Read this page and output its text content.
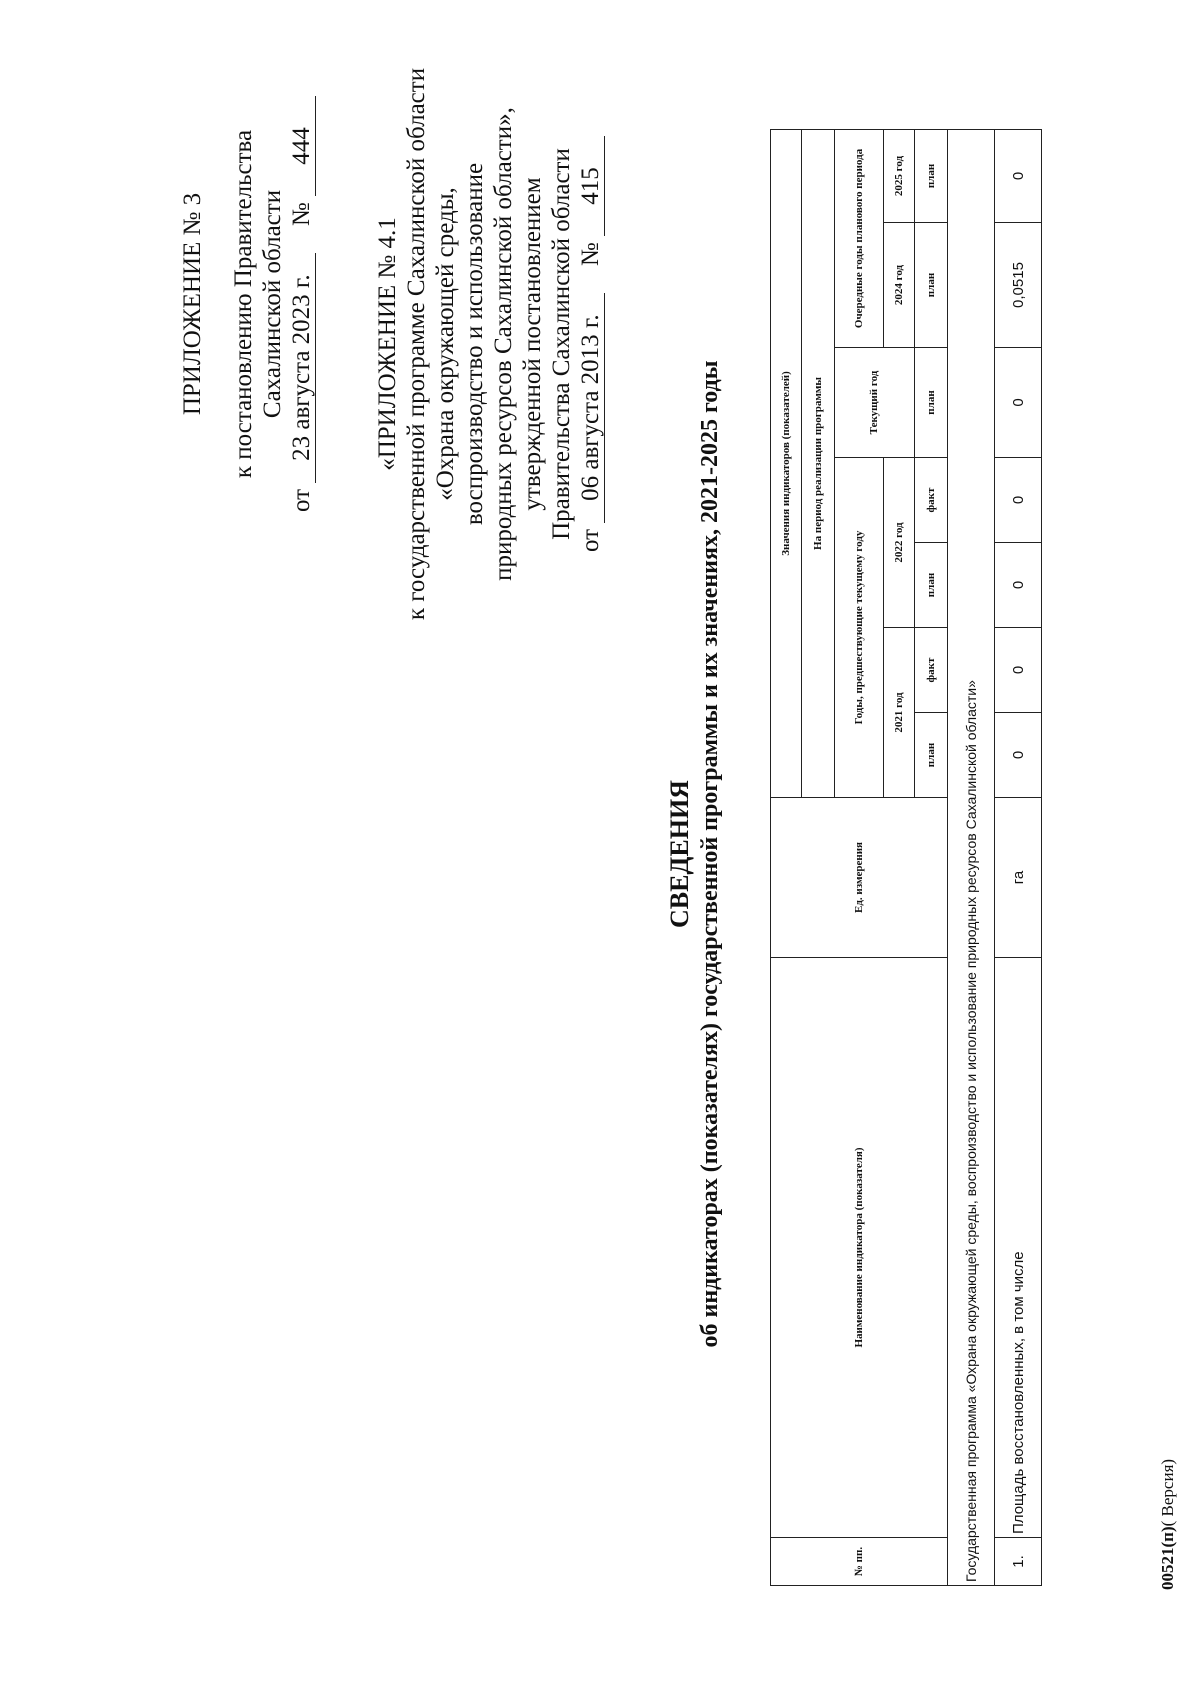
ПРИЛОЖЕНИЕ № 3 к постановлению Правительства Сахалинской области
от 23 августа 2023 г.  № 444
«ПРИЛОЖЕНИЕ № 4.1 к государственной программе Сахалинской области «Охрана окружающей среды, воспроизводство и использование природных ресурсов Сахалинской области», утвержденной постановлением Правительства Сахалинской области
от 06 августа 2013 г.  № 415
СВЕДЕНИЯ об индикаторах (показателях) государственной программы и их значениях, 2021-2025 годы
№ пп.	Наименование индикатора (показателя)	Ед. измерения	Значения индикаторов (показателей)						
			На период реализации программы						
			Годы, предшествующие текущему году				Текущий год	Очередные годы планового периода	
			2021 год		2022 год			2024 год	2025 год
			план	факт	план	факт	план	план	план
Государственная программа «Охрана окружающей среды, воспроизводство и использование природных ресурсов Сахалинской области»									
1.	Площадь восстановленных, в том числе	га	0	0	0	0	0	0,0515	0
00521(п)( Версия)
